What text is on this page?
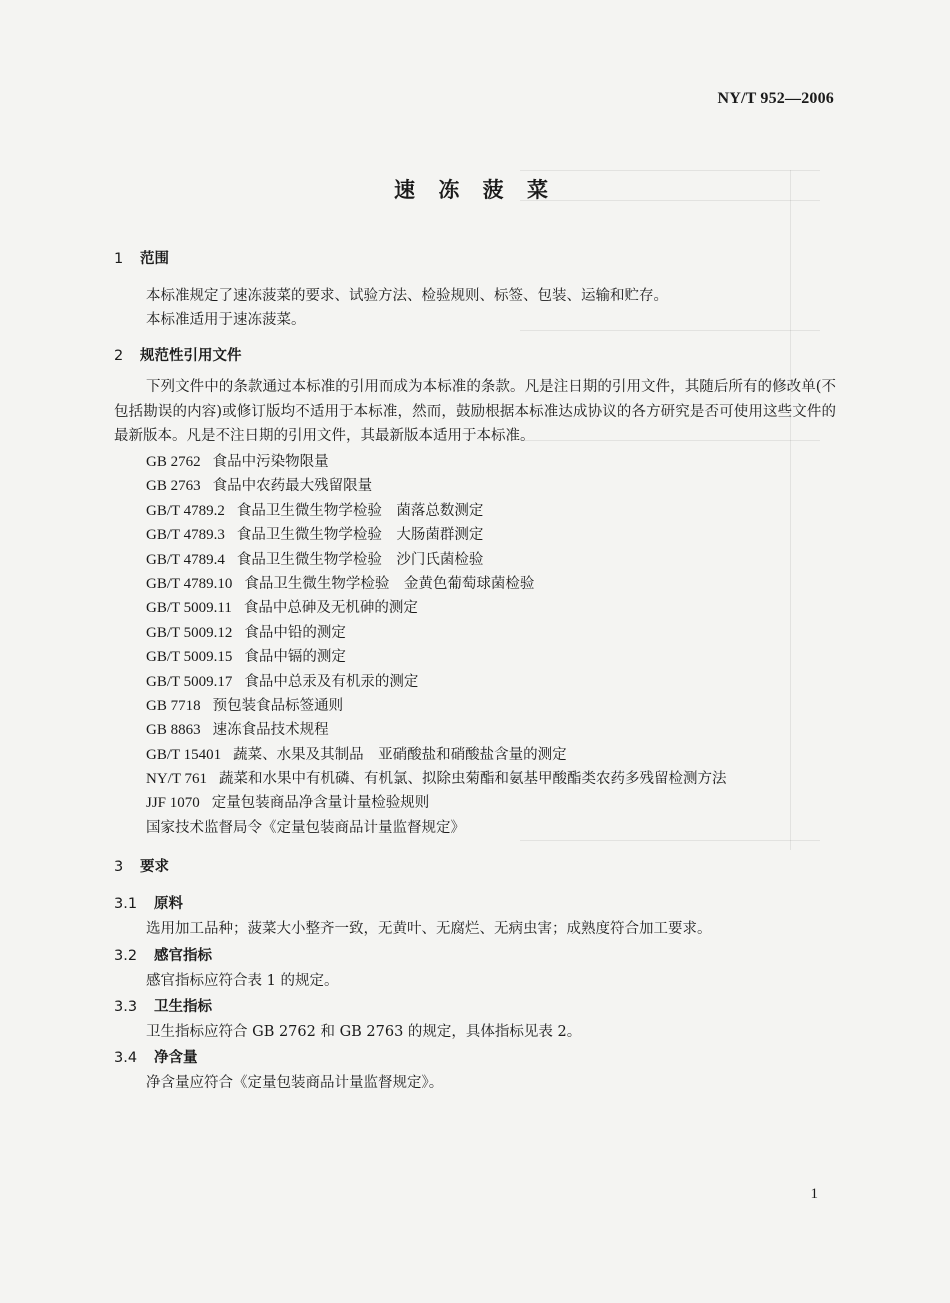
NY/T 952—2006
速 冻 菠 菜
1 范围
本标准规定了速冻菠菜的要求、试验方法、检验规则、标签、包装、运输和贮存。
本标准适用于速冻菠菜。
2 规范性引用文件
下列文件中的条款通过本标准的引用而成为本标准的条款。凡是注日期的引用文件，其随后所有的修改单(不包括勘误的内容)或修订版均不适用于本标准，然而，鼓励根据本标准达成协议的各方研究是否可使用这些文件的最新版本。凡是不注日期的引用文件，其最新版本适用于本标准。
GB 2762 食品中污染物限量
GB 2763 食品中农药最大残留限量
GB/T 4789.2 食品卫生微生物学检验　菌落总数测定
GB/T 4789.3 食品卫生微生物学检验　大肠菌群测定
GB/T 4789.4 食品卫生微生物学检验　沙门氏菌检验
GB/T 4789.10 食品卫生微生物学检验　金黄色葡萄球菌检验
GB/T 5009.11 食品中总砷及无机砷的测定
GB/T 5009.12 食品中铅的测定
GB/T 5009.15 食品中镉的测定
GB/T 5009.17 食品中总汞及有机汞的测定
GB 7718 预包装食品标签通则
GB 8863 速冻食品技术规程
GB/T 15401 蔬菜、水果及其制品　亚硝酸盐和硝酸盐含量的测定
NY/T 761 蔬菜和水果中有机磷、有机氯、拟除虫菊酯和氨基甲酸酯类农药多残留检测方法
JJF 1070 定量包装商品净含量计量检验规则
国家技术监督局令《定量包装商品计量监督规定》
3 要求
3.1 原料
选用加工品种；菠菜大小整齐一致，无黄叶、无腐烂、无病虫害；成熟度符合加工要求。
3.2 感官指标
感官指标应符合表 1 的规定。
3.3 卫生指标
卫生指标应符合 GB 2762 和 GB 2763 的规定，具体指标见表 2。
3.4 净含量
净含量应符合《定量包装商品计量监督规定》。
1
